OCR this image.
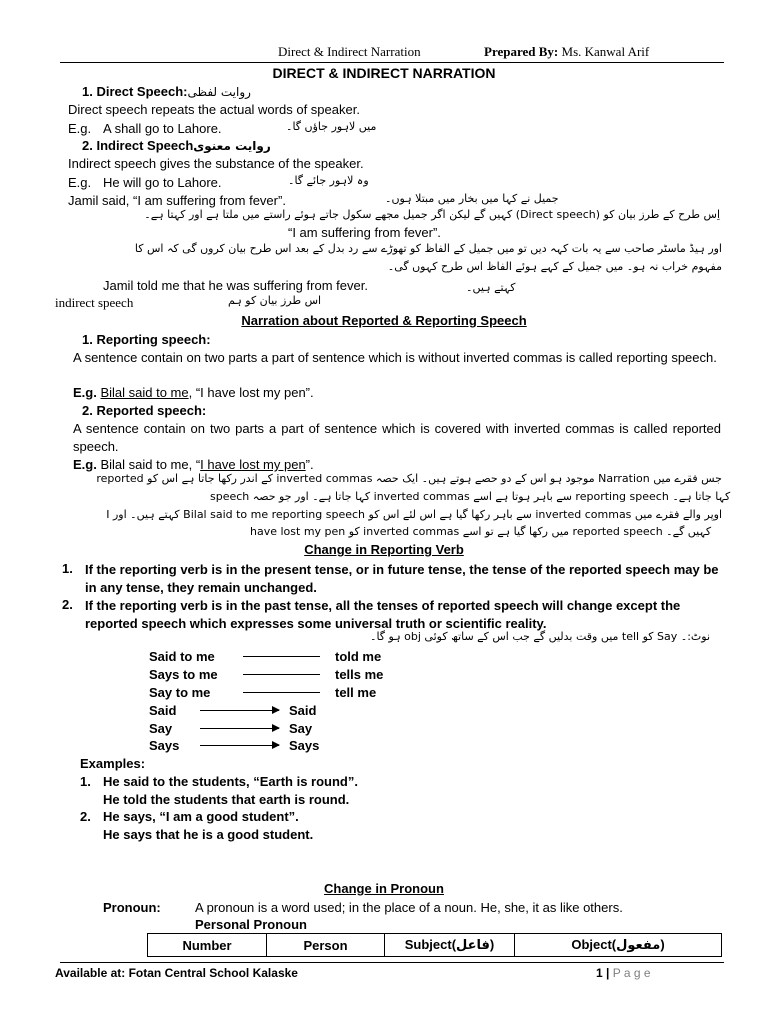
Direct & Indirect Narration	Prepared By: Ms. Kanwal Arif
DIRECT & INDIRECT NARRATION
1. Direct Speech:روایت لفظی
Direct speech repeats the actual words of speaker.
E.g. A shall go to Lahore.	میں لاہور جاؤں گا۔
2. Indirect Speechروایت معنوی
Indirect speech gives the substance of the speaker.
E.g. He will go to Lahore.	وہ لاہور جائے گا۔
Jamil said, “I am suffering from fever”.	جمیل نے کہا میں بخار میں مبتلا ہوں۔
اِس طرح کے طرز بیان کو (Direct speech) کہیں گے لیکن اگر جمیل مجھے سکول جاتے ہوئے راستے میں ملتا ہے اور کہتا ہے۔
“I am suffering from fever”.
اور ہیڈ ماسٹر صاحب سے یہ بات کہہ دیں تو میں جمیل کے الفاظ کو تھوڑے سے رد بدل کے بعد اس طرح بیان کروں گی کہ اس کا
مفہوم خراب نہ ہو۔ میں جمیل کے کہے ہوئے الفاظ اس طرح کہوں گی۔
Jamil told me that he was suffering from fever.	کہتے ہیں۔
indirect speech	اس طرز بیان کو ہم
Narration about Reported & Reporting Speech
1. Reporting speech:
A sentence contain on two parts a part of sentence which is without inverted commas is called reporting speech.
E.g. Bilal said to me, “I have lost my pen”.
2. Reported speech:
A sentence contain on two parts a part of sentence which is covered with inverted commas is called reported speech.
E.g. Bilal said to me, “I have lost my pen”.
جس فقرے میں Narration موجود ہو اس کے دو حصے ہوتے ہیں۔ ایک حصہ inverted commas کے اندر رکھا جاتا ہے اس کو reported
speech کہا جاتا ہے۔ اور جو حصہ inverted commas سے باہر ہوتا ہے اسے reporting speech کہا جاتا ہے۔
اوپر والے فقرے میں inverted commas سے باہر رکھا گیا ہے اس لئے اس کو Bilal said to me reporting speech کہتے ہیں۔ اور I
have lost my pen کو inverted commas میں رکھا گیا ہے تو اسے reported speech کہیں گے۔
Change in Reporting Verb
1. If the reporting verb is in the present tense, or in future tense, the tense of the reported speech may be in any tense, they remain unchanged.
2. If the reporting verb is in the past tense, all the tenses of reported speech will change except the reported speech which expresses some universal truth or scientific reality.
نوٹ:۔ Say کو tell میں وقت بدلیں گے جب اس کے ساتھ کوئی obj ہو گا۔
Said to me	told me
Says to me	tells me
Say to me	tell me
Said	Said
Say	Say
Says	Says
Examples:
1. He said to the students, “Earth is round”.
He told the students that earth is round.
2. He says, “I am a good student”.
He says that he is a good student.
Change in Pronoun
Pronoun:	A pronoun is a word used; in the place of a noun. He, she, it as like others.
Personal Pronoun
Number	Person	Subject(فاعل)	Object(مفعول)
Available at: Fotan Central School Kalaske	1 | P a g e
